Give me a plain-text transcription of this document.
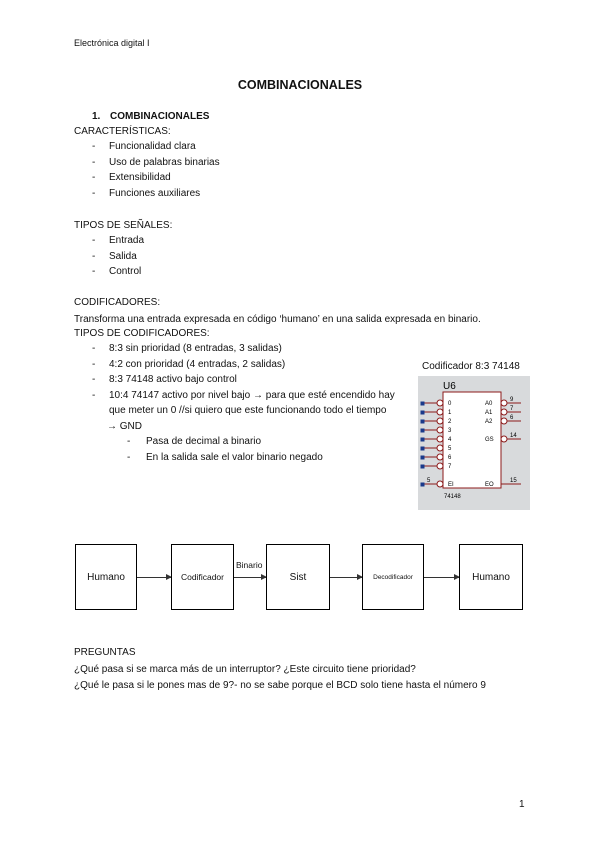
Electrónica digital I
COMBINACIONALES
1. COMBINACIONALES
CARACTERÍSTICAS:
- Funcionalidad clara
- Uso de palabras binarias
- Extensibilidad
- Funciones auxiliares
TIPOS DE SEÑALES:
- Entrada
- Salida
- Control
CODIFICADORES:
Transforma una entrada expresada en código ‘humano’ en una salida expresada en binario.
TIPOS DE CODIFICADORES:
- 8:3 sin prioridad (8 entradas, 3 salidas)
- 4:2 con prioridad (4 entradas, 2 salidas)
- 8:3 74148 activo bajo control
- 10:4 74147 activo por nivel bajo → para que esté encendido hay
que meter un 0 //si quiero que este funcionando todo el tiempo
→ GND
- Pasa de decimal a binario
- En la salida sale el valor binario negado
Codificador 8:3 74148
U6
0
1
2
3
4
5
6
7
EI
A0
A1
A2
GS
EO
9
7
6
14
5	15
74148
Humano	Codificador
Binario
Sist	Decodificador	Humano
PREGUNTAS
¿Qué pasa si se marca más de un interruptor? ¿Este circuito tiene prioridad?
¿Qué le pasa si le pones mas de 9?- no se sabe porque el BCD solo tiene hasta el número 9
1
